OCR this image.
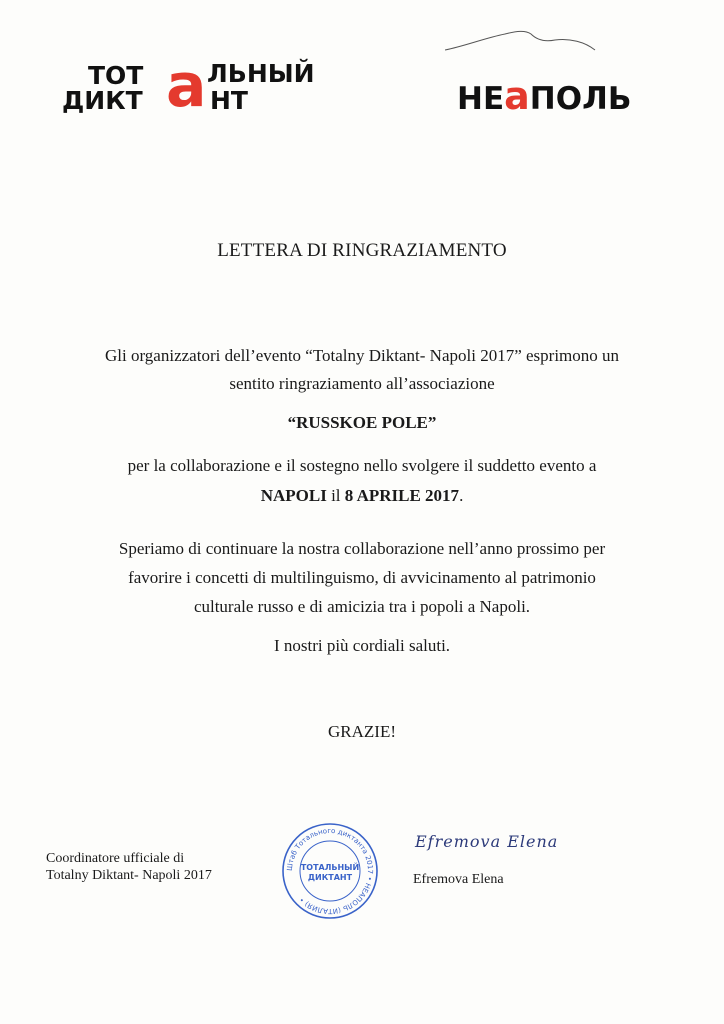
ТОТ а ЛЬНЫЙ
ДИКТ	НТ	НЕаПОЛЬ
LETTERA DI RINGRAZIAMENTO
Gli organizzatori dell’evento “Totalny Diktant- Napoli 2017” esprimono un
sentito ringraziamento all’associazione
“RUSSKOE POLE”
per la collaborazione e il sostegno nello svolgere il suddetto evento a
NAPOLI il 8 APRILE 2017.
Speriamo di continuare la nostra collaborazione nell’anno prossimo per
favorire i concetti di multilinguismo, di avvicinamento al patrimonio
culturale russo e di amicizia tra i popoli a Napoli.
I nostri più cordiali saluti.
GRAZIE!
Coordinatore ufficiale di
Totalny Diktant- Napoli 2017
Штаб Тотального диктанта 2017 • НЕАПОЛЬ (ИТАЛИЯ) •
ТОТАЛЬНЫЙ
ДИКТАНТ
Efremova Elena
Efremova Elena
